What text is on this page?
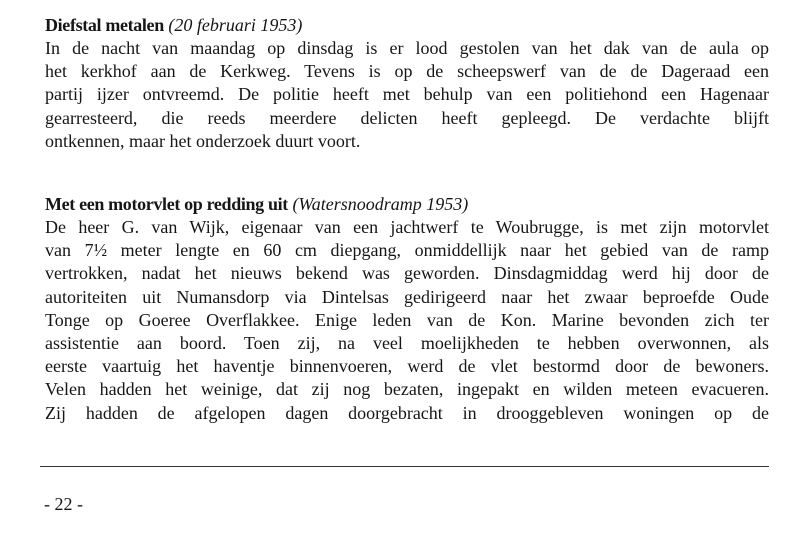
Diefstal metalen (20 februari 1953)
In de nacht van maandag op dinsdag is er lood gestolen van het dak van de aula op
het kerkhof aan de Kerkweg. Tevens is op de scheepswerf van de de Dageraad een
partij ijzer ontvreemd. De politie heeft met behulp van een politiehond een Hagenaar
gearresteerd, die reeds meerdere delicten heeft gepleegd. De verdachte blijft
ontkennen, maar het onderzoek duurt voort.
Met een motorvlet op redding uit (Watersnoodramp 1953)
De heer G. van Wijk, eigenaar van een jachtwerf te Woubrugge, is met zijn motorvlet
van 7½ meter lengte en 60 cm diepgang, onmiddellijk naar het gebied van de ramp
vertrokken, nadat het nieuws bekend was geworden. Dinsdagmiddag werd hij door de
autoriteiten uit Numansdorp via Dintelsas gedirigeerd naar het zwaar beproefde Oude
Tonge op Goeree Overflakkee. Enige leden van de Kon. Marine bevonden zich ter
assistentie aan boord. Toen zij, na veel moelijkheden te hebben overwonnen, als
eerste vaartuig het haventje binnenvoeren, werd de vlet bestormd door de bewoners.
Velen hadden het weinige, dat zij nog bezaten, ingepakt en wilden meteen evacueren.
Zij hadden de afgelopen dagen doorgebracht in drooggebleven woningen op de
- 22 -
